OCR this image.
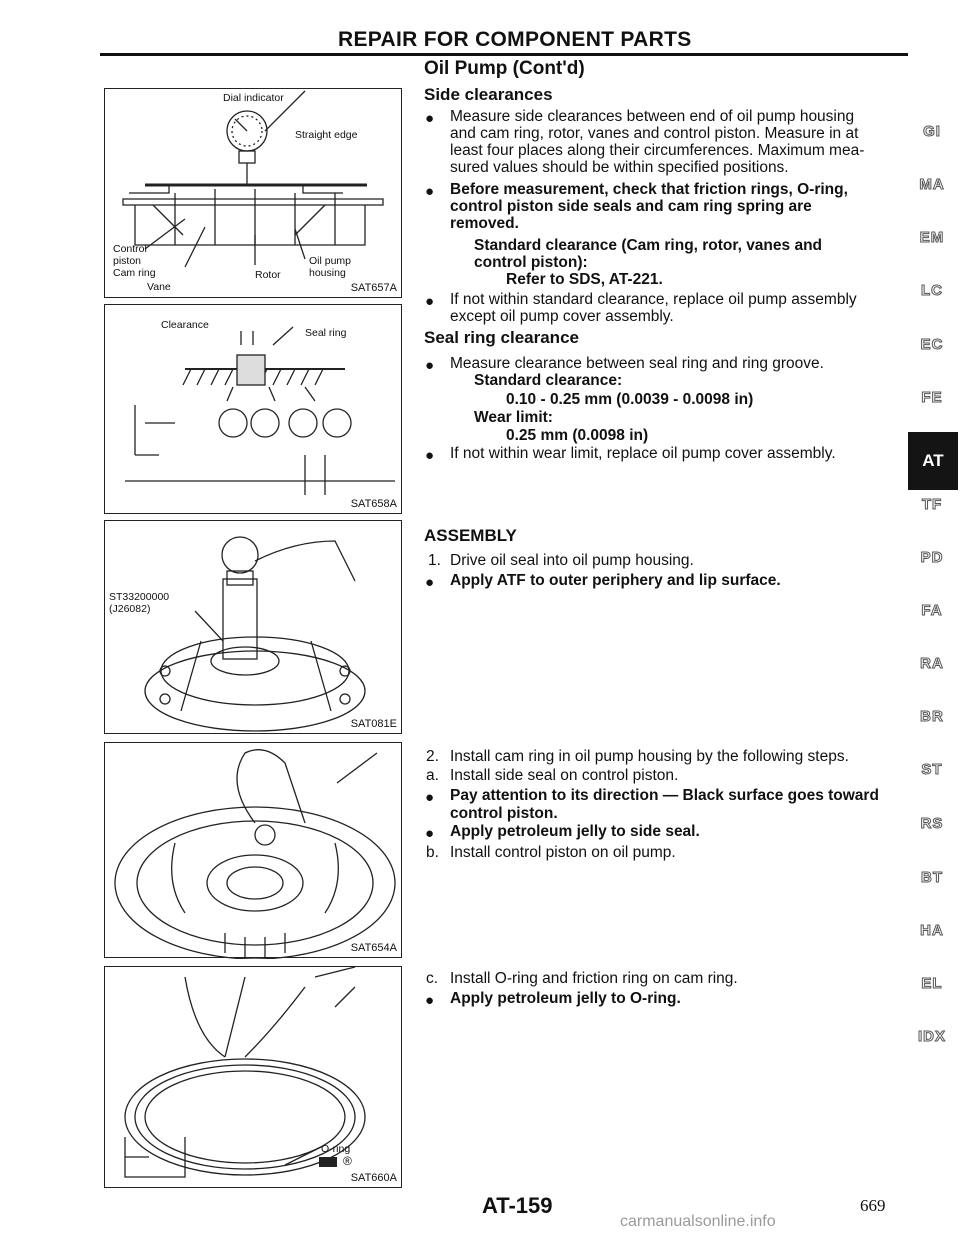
REPAIR FOR COMPONENT PARTS
Dial indicator
Straight edge
Control
piston
Cam ring
Vane
Rotor
Oil pump
housing
SAT657A
Clearance
Seal ring
SAT658A
ST33200000
(J26082)
SAT081E
SAT654A
O-ring
®
SAT660A
Oil Pump (Cont'd)
Side clearances
● Measure side clearances between end of oil pump housing
and cam ring, rotor, vanes and control piston. Measure in at
least four places along their circumferences. Maximum mea-
sured values should be within specified positions.
● Before measurement, check that friction rings, O-ring,
control piston side seals and cam ring spring are
removed.
Standard clearance (Cam ring, rotor, vanes and
control piston):
Refer to SDS, AT-221.
● If not within standard clearance, replace oil pump assembly
except oil pump cover assembly.
Seal ring clearance
● Measure clearance between seal ring and ring groove.
Standard clearance:
0.10 - 0.25 mm (0.0039 - 0.0098 in)
Wear limit:
0.25 mm (0.0098 in)
● If not within wear limit, replace oil pump cover assembly.
ASSEMBLY
1. Drive oil seal into oil pump housing.
● Apply ATF to outer periphery and lip surface.
2. Install cam ring in oil pump housing by the following steps.
a. Install side seal on control piston.
● Pay attention to its direction — Black surface goes toward
control piston.
● Apply petroleum jelly to side seal.
b. Install control piston on oil pump.
c. Install O-ring and friction ring on cam ring.
● Apply petroleum jelly to O-ring.
GI
MA
EM
LC
EC
FE
AT
TF
PD
FA
RA
BR
ST
RS
BT
HA
EL
IDX
AT-159	669
carmanualsonline.info
